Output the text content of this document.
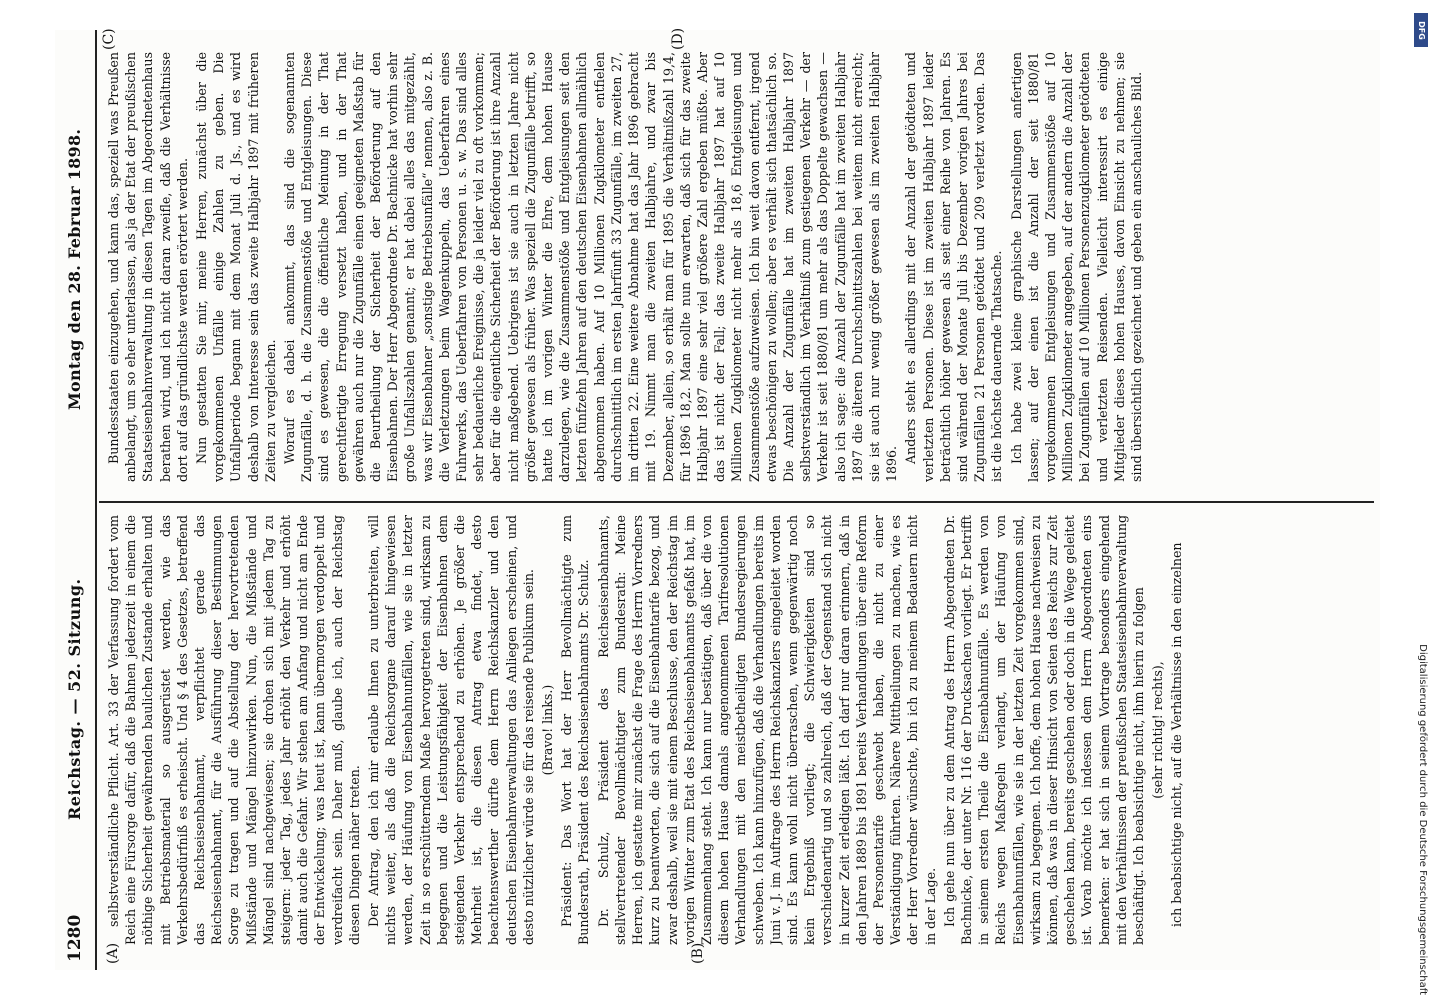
1280
Reichstag. — 52. Sitzung.
Montag den 28. Februar 1898.
(A)	(B)
(C)	(D)

selbstverständliche Pflicht. Art. 33 der Verfassung fordert vom Reich eine Fürsorge dafür, daß die Bahnen jederzeit in einem die nöthige Sicherheit gewährenden baulichen Zustande erhalten und mit Betriebsmaterial so ausgerüstet werden, wie das Verkehrsbedürfniß es erheischt. Und § 4 des Gesetzes, betreffend das Reichseisenbahnamt, verpflichtet gerade das Reichseisenbahnamt, für die Ausführung dieser Bestimmungen Sorge zu tragen und auf die Abstellung der hervortretenden Mißstände und Mängel hinzuwirken. Nun, die Mißstände und Mängel sind nachgewiesen; sie drohen sich mit jedem Tag zu steigern: jeder Tag, jedes Jahr erhöht den Verkehr und erhöht damit auch die Gefahr. Wir stehen am Anfang und nicht am Ende der Entwickelung; was heut ist, kann übermorgen verdoppelt und verdreifacht sein. Daher muß, glaube ich, auch der Reichstag diesen Dingen näher treten. Der Antrag, den ich mir erlaube Ihnen zu unterbreiten, will nichts weiter, als daß die Reichsorgane darauf hingewiesen werden, der Häufung von Eisenbahnunfällen, wie sie in letzter Zeit in so erschütterndem Maße hervorgetreten sind, wirksam zu begegnen und die Leistungsfähigkeit der Eisenbahnen dem steigenden Verkehr entsprechend zu erhöhen. Je größer die Mehrheit ist, die diesen Antrag etwa findet, desto beachtenswerther dürfte dem Herrn Reichskanzler und den deutschen Eisenbahnverwaltungen das Anliegen erscheinen, und desto nützlicher würde sie für das reisende Publikum sein. (Bravo! links.) Präsident: Das Wort hat der Herr Bevollmächtigte zum Bundesrath, Präsident des Reichseisenbahnamts Dr. Schulz. Dr. Schulz, Präsident des Reichseisenbahnamts, stellvertretender Bevollmächtigter zum Bundesrath: Meine Herren, ich gestatte mir zunächst die Frage des Herrn Vorredners kurz zu beantworten, die sich auf die Eisenbahntarife bezog, und zwar deshalb, weil sie mit einem Beschlusse, den der Reichstag im vorigen Winter zum Etat des Reichseisenbahnamts gefaßt hat, im Zusammenhang steht. Ich kann nur bestätigen, daß über die von diesem hohen Hause damals angenommenen Tarifresolutionen Verhandlungen mit den meistbetheiligten Bundesregierungen schweben. Ich kann hinzufügen, daß die Verhandlungen bereits im Juni v. J. im Auftrage des Herrn Reichskanzlers eingeleitet worden sind. Es kann wohl nicht überraschen, wenn gegenwärtig noch kein Ergebniß vorliegt; die Schwierigkeiten sind so verschiedenartig und so zahlreich, daß der Gegenstand sich nicht in kurzer Zeit erledigen läßt. Ich darf nur daran erinnern, daß in den Jahren 1889 bis 1891 bereits Verhandlungen über eine Reform der Personentarife geschwebt haben, die nicht zu einer Verständigung führten. Nähere Mittheilungen zu machen, wie es der Herr Vorredner wünschte, bin ich zu meinem Bedauern nicht in der Lage. Ich gehe nun über zu dem Antrag des Herrn Abgeordneten Dr. Bachnicke, der unter Nr. 116 der Drucksachen vorliegt. Er betrifft in seinem ersten Theile die Eisenbahnunfälle. Es werden von Reichs wegen Maßregeln verlangt, um der Häufung von Eisenbahnunfällen, wie sie in der letzten Zeit vorgekommen sind, wirksam zu begegnen. Ich hoffe, dem hohen Hause nachweisen zu können, daß was in dieser Hinsicht von Seiten des Reichs zur Zeit geschehen kann, bereits geschehen oder doch in die Wege geleitet ist. Vorab möchte ich indessen dem Herrn Abgeordneten eins bemerken: er hat sich in seinem Vortrage besonders eingehend mit den Verhältnissen der preußischen Staatseisenbahnverwaltung beschäftigt. Ich beabsichtige nicht, ihm hierin zu folgen (sehr richtig! rechts), ich beabsichtige nicht, auf die Verhältnisse in den einzelnen

Bundesstaaten einzugehen, und kann das, speziell was Preußen anbelangt, um so eher unterlassen, als ja der Etat der preußischen Staatseisenbahnverwaltung in diesen Tagen im Abgeordnetenhaus berathen wird, und ich nicht daran zweifle, daß die Verhältnisse dort auf das gründlichste werden erörtert werden. Nun gestatten Sie mir, meine Herren, zunächst über die vorgekommenen Unfälle einige Zahlen zu geben. Die Unfallperiode begann mit dem Monat Juli d. Js., und es wird deshalb von Interesse sein das zweite Halbjahr 1897 mit früheren Zeiten zu vergleichen. Worauf es dabei ankommt, das sind die sogenannten Zugunfälle, d. h. die Zusammenstöße und Entgleisungen. Diese sind es gewesen, die die öffentliche Meinung in der That gerechtfertigte Erregung versetzt haben, und in der That gewähren auch nur die Zugunfälle einen geeigneten Maßstab für die Beurtheilung der Sicherheit der Beförderung auf den Eisenbahnen. Der Herr Abgeordnete Dr. Bachnicke hat vorhin sehr große Unfallszahlen genannt; er hat dabei alles das mitgezählt, was wir Eisenbahner „sonstige Betriebsunfälle“ nennen, also z. B. die Verletzungen beim Wagenkuppeln, das Ueberfahren eines Fuhrwerks, das Ueberfahren von Personen u. s. w. Das sind alles sehr bedauerliche Ereignisse, die ja leider viel zu oft vorkommen; aber für die eigentliche Sicherheit der Beförderung ist ihre Anzahl nicht maßgebend. Uebrigens ist sie auch in letzten Jahre nicht größer gewesen als früher. Was speziell die Zugunfälle betrifft, so hatte ich im vorigen Winter die Ehre, dem hohen Hause darzulegen, wie die Zusammenstöße und Entgleisungen seit den letzten fünfzehn Jahren auf den deutschen Eisenbahnen allmählich abgenommen haben. Auf 10 Millionen Zugkilometer entfielen durchschnittlich im ersten Jahrfünft 33 Zugunfälle, im zweiten 27, im dritten 22. Eine weitere Abnahme hat das Jahr 1896 gebracht mit 19. Nimmt man die zweiten Halbjahre, und zwar bis Dezember, allein, so erhält man für 1895 die Verhältnißzahl 19,4, für 1896 18,2. Man sollte nun erwarten, daß sich für das zweite Halbjahr 1897 eine sehr viel größere Zahl ergeben müßte. Aber das ist nicht der Fall; das zweite Halbjahr 1897 hat auf 10 Millionen Zugkilometer nicht mehr als 18,6 Entgleisungen und Zusammenstöße aufzuweisen. Ich bin weit davon entfernt, irgend etwas beschönigen zu wollen; aber es verhält sich thatsächlich so. Die Anzahl der Zugunfälle hat im zweiten Halbjahr 1897 selbstverständlich im Verhältniß zum gestiegenen Verkehr — der Verkehr ist seit 1880/81 um mehr als das Doppelte gewachsen — also ich sage: die Anzahl der Zugunfälle hat im zweiten Halbjahr 1897 die älteren Durchschnittszahlen bei weitem nicht erreicht; sie ist auch nur wenig größer gewesen als im zweiten Halbjahr 1896. Anders steht es allerdings mit der Anzahl der getödteten und verletzten Personen. Diese ist im zweiten Halbjahr 1897 leider beträchtlich höher gewesen als seit einer Reihe von Jahren. Es sind während der Monate Juli bis Dezember vorigen Jahres bei Zugunfällen 21 Personen getödtet und 209 verletzt worden. Das ist die höchste dauernde Thatsache. Ich habe zwei kleine graphische Darstellungen anfertigen lassen; auf der einen ist die Anzahl der seit 1880/81 vorgekommenen Entgleisungen und Zusammenstöße auf 10 Millionen Zugkilometer angegeben, auf der andern die Anzahl der bei Zugunfällen auf 10 Millionen Personenzugkilometer getödteten und verletzten Reisenden. Vielleicht interessirt es einige Mitglieder dieses hohen Hauses, davon Einsicht zu nehmen; sie sind übersichtlich gezeichnet und geben ein anschauliches Bild.

DFG
Digitalisierung gefördert durch die Deutsche Forschungsgemeinschaft
